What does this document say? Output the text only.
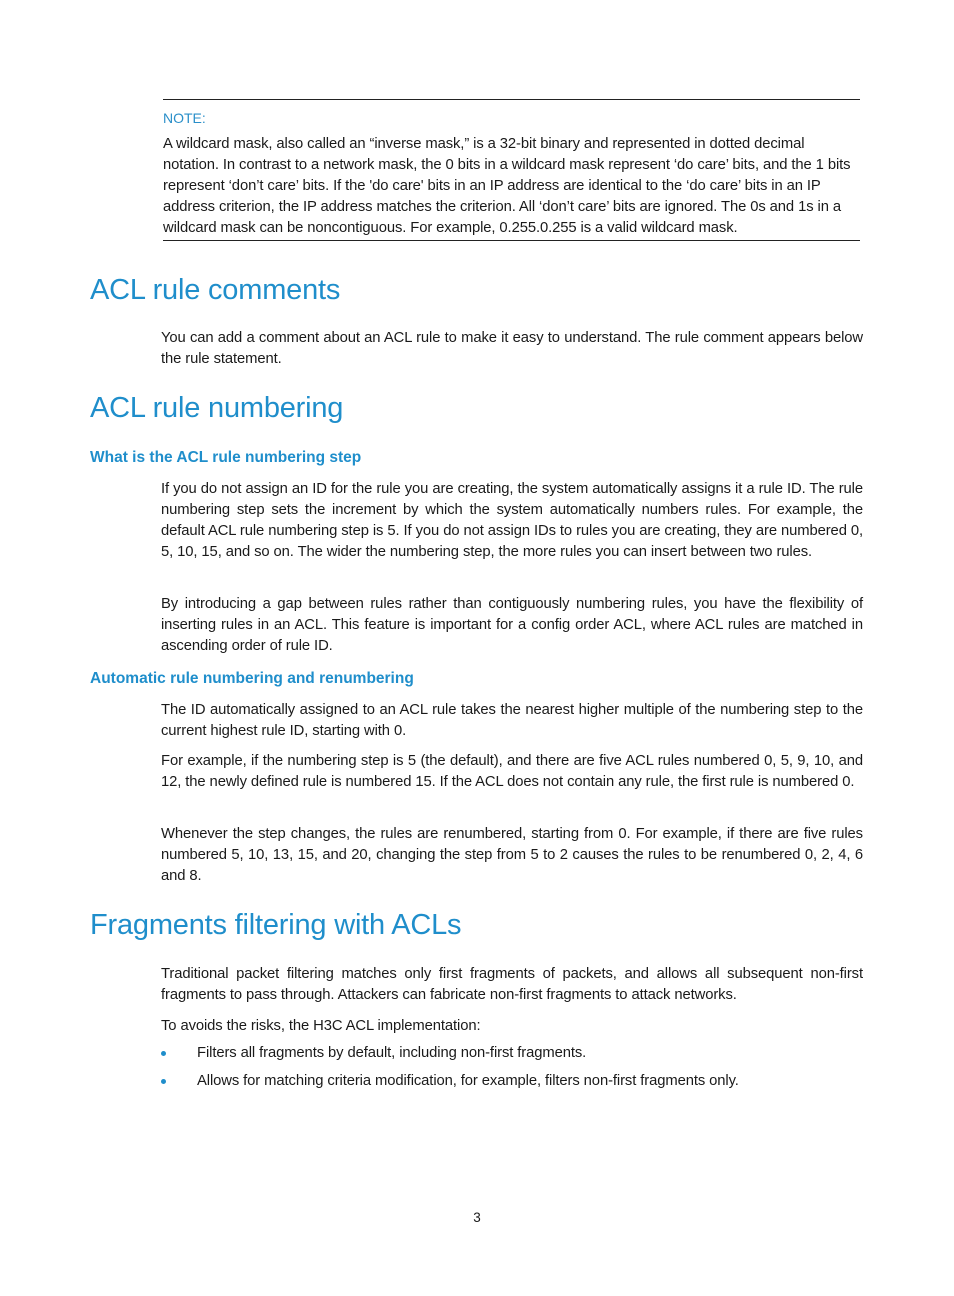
NOTE:

A wildcard mask, also called an “inverse mask,” is a 32-bit binary and represented in dotted decimal notation. In contrast to a network mask, the 0 bits in a wildcard mask represent ‘do care’ bits, and the 1 bits represent ‘don’t care’ bits. If the 'do care' bits in an IP address are identical to the ‘do care’ bits in an IP address criterion, the IP address matches the criterion. All ‘don’t care’ bits are ignored. The 0s and 1s in a wildcard mask can be noncontiguous. For example, 0.255.0.255 is a valid wildcard mask.

ACL rule comments

You can add a comment about an ACL rule to make it easy to understand. The rule comment appears below the rule statement.

ACL rule numbering
What is the ACL rule numbering step

If you do not assign an ID for the rule you are creating, the system automatically assigns it a rule ID. The rule numbering step sets the increment by which the system automatically numbers rules. For example, the default ACL rule numbering step is 5. If you do not assign IDs to rules you are creating, they are numbered 0, 5, 10, 15, and so on. The wider the numbering step, the more rules you can insert between two rules.

By introducing a gap between rules rather than contiguously numbering rules, you have the flexibility of inserting rules in an ACL. This feature is important for a config order ACL, where ACL rules are matched in ascending order of rule ID.

Automatic rule numbering and renumbering

The ID automatically assigned to an ACL rule takes the nearest higher multiple of the numbering step to the current highest rule ID, starting with 0.

For example, if the numbering step is 5 (the default), and there are five ACL rules numbered 0, 5, 9, 10, and 12, the newly defined rule is numbered 15. If the ACL does not contain any rule, the first rule is numbered 0.

Whenever the step changes, the rules are renumbered, starting from 0. For example, if there are five rules numbered 5, 10, 13, 15, and 20, changing the step from 5 to 2 causes the rules to be renumbered 0, 2, 4, 6 and 8.

Fragments filtering with ACLs

Traditional packet filtering matches only first fragments of packets, and allows all subsequent non-first fragments to pass through. Attackers can fabricate non-first fragments to attack networks.

To avoids the risks, the H3C ACL implementation:

Filters all fragments by default, including non-first fragments.
Allows for matching criteria modification, for example, filters non-first fragments only.

3
